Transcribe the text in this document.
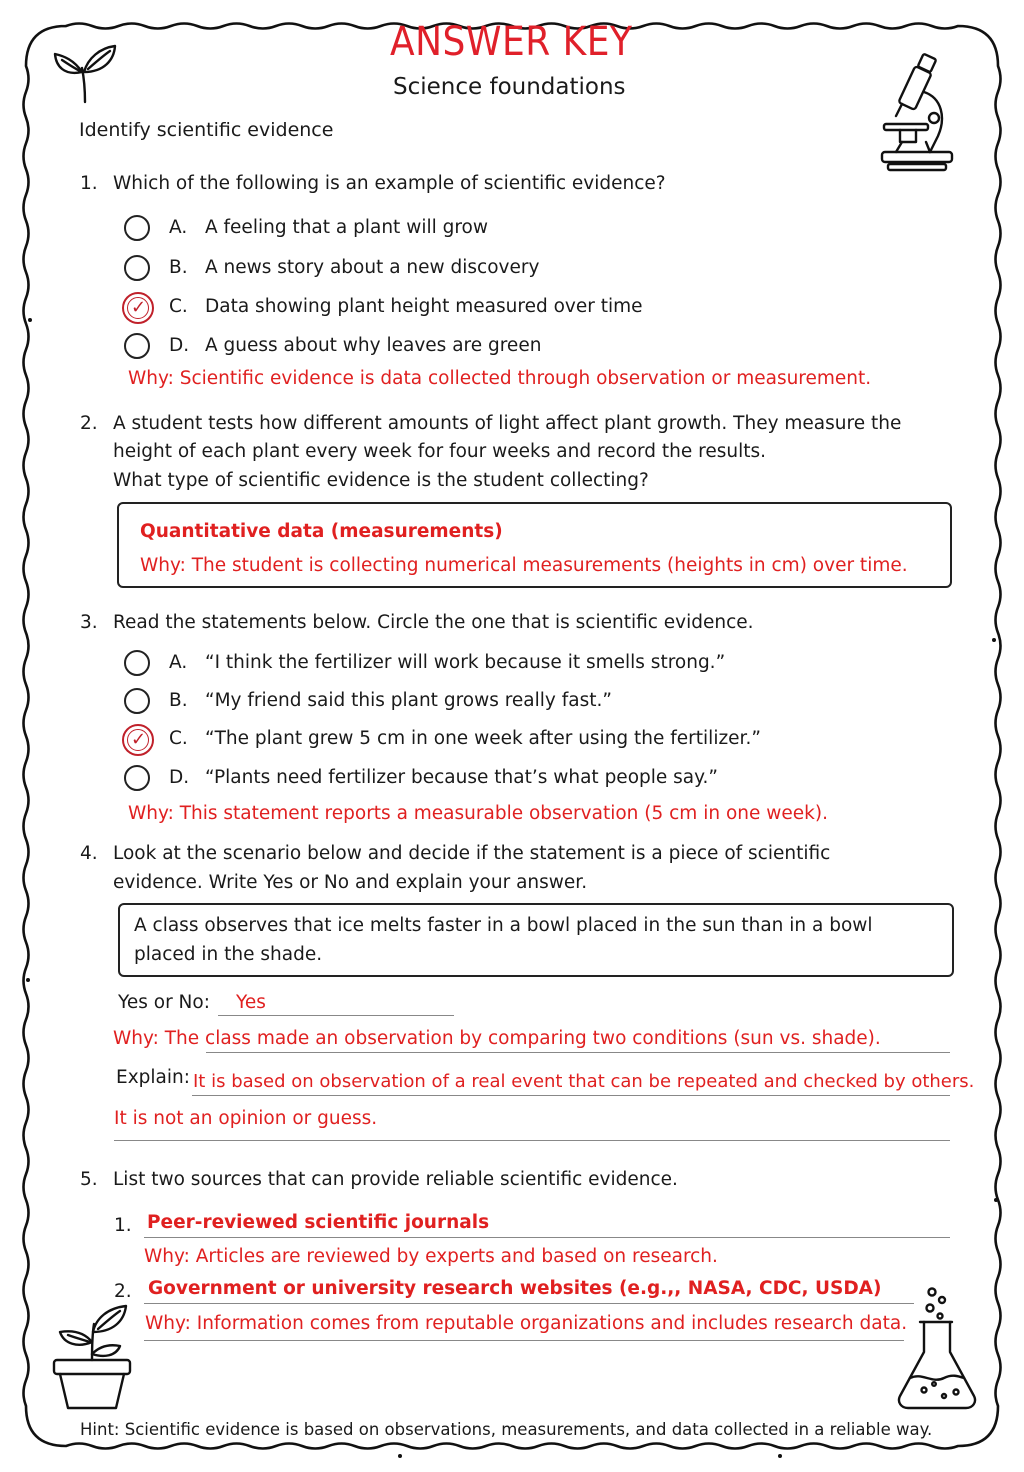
ANSWER KEY
Science foundations
Identify scientific evidence
1. Which of the following is an example of scientific evidence?
A. A feeling that a plant will grow
B. A news story about a new discovery
✓ C. Data showing plant height measured over time
D. A guess about why leaves are green
Why: Scientific evidence is data collected through observation or measurement.
2. A student tests how different amounts of light affect plant growth. They measure the
height of each plant every week for four weeks and record the results.
What type of scientific evidence is the student collecting?
Quantitative data (measurements)
Why: The student is collecting numerical measurements (heights in cm) over time.
3. Read the statements below. Circle the one that is scientific evidence.
A. “I think the fertilizer will work because it smells strong.”
B. “My friend said this plant grows really fast.”
✓ C. “The plant grew 5 cm in one week after using the fertilizer.”
D. “Plants need fertilizer because that’s what people say.”
Why: This statement reports a measurable observation (5 cm in one week).
4. Look at the scenario below and decide if the statement is a piece of scientific
evidence. Write Yes or No and explain your answer.
A class observes that ice melts faster in a bowl placed in the sun than in a bowl
placed in the shade.
Yes or No: Yes
Why: The class made an observation by comparing two conditions (sun vs. shade).
Explain: It is based on observation of a real event that can be repeated and checked by others.
It is not an opinion or guess.
5. List two sources that can provide reliable scientific evidence.
1. Peer-reviewed scientific journals
Why: Articles are reviewed by experts and based on research.
2. Government or university research websites (e.g.,, NASA, CDC, USDA)
Why: Information comes from reputable organizations and includes research data.
Hint: Scientific evidence is based on observations, measurements, and data collected in a reliable way.
